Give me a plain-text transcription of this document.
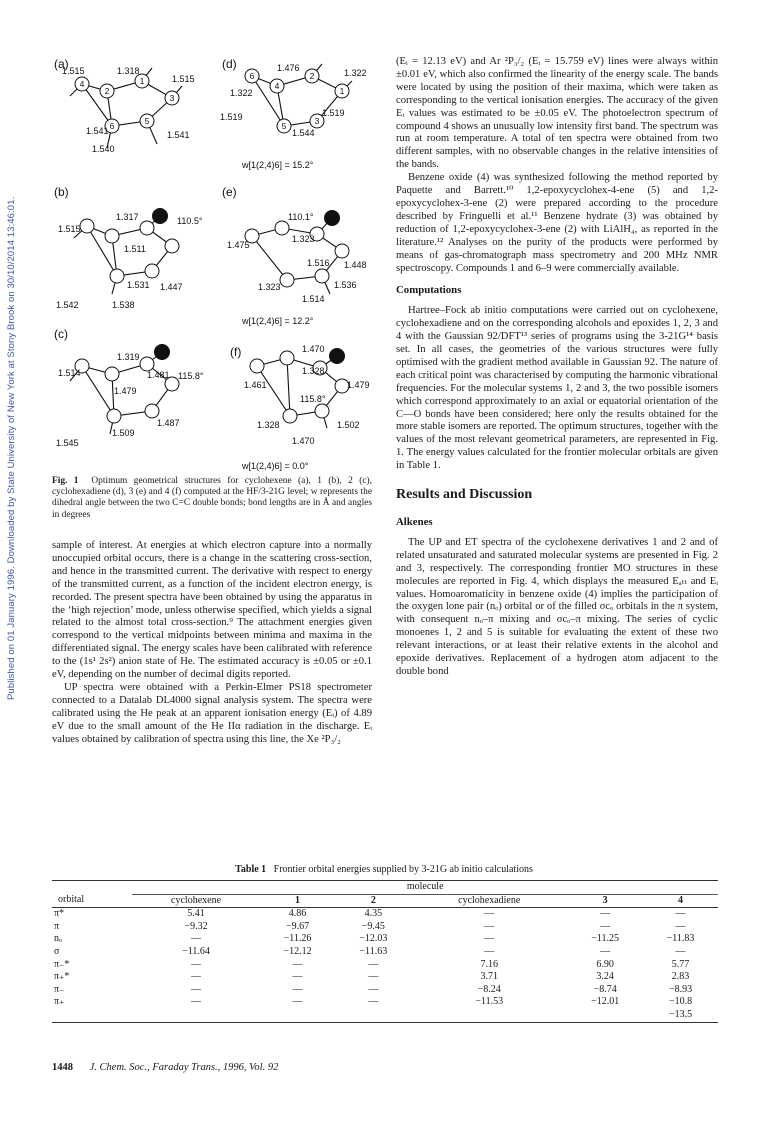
Published on 01 January 1996. Downloaded by State University of New York at Stony Brook on 30/10/2014 13:46:01.
2
1
3
4
5
6
4
2
1
6
3
5
(a)	(d)
(b)	(e)
(c)
(f)
1.318
1.515
1.515
1.541	1.541
1.540
1.476	1.322
1.322
1.519
1.519
1.544
w[1(2,4)6] = 15.2°
1.317	110.5°
1.515
1.511
1.531 1.447
1.542	1.538
110.1°
1.475
1.323
1.448
1.516
1.323	1.536
1.514
w[1(2,4)6] = 12.2°
1.319
1.514	1.481 115.8°
1.479
1.487
1.509
1.545
1.470
1.328
1.461	1.479
115.8°
1.328	1.502
1.470
w[1(2,4)6] = 0.0°
Fig. 1 Optimum geometrical structures for cyclohexene (a), 1 (b), 2 (c), cyclohexadiene (d), 3 (e) and 4 (f) computed at the HF/3-21G level; w represents the dihedral angle between the two C=C double bonds; bond lengths are in Å and angles in degrees

sample of interest. At energies at which electron capture into a normally unoccupied orbital occurs, there is a change in the scattering cross-section, and hence in the transmitted current. The derivative with respect to energy of the transmitted current, as a function of the incident electron energy, is recorded. The present spectra have been obtained by using the apparatus in the ‘high rejection’ mode, unless otherwise specified, which yields a signal related to the almost total cross-section.⁹ The attachment energies given correspond to the vertical midpoints between minima and maxima in the differentiated signal. The energy scales have been calibrated with reference to the (1s¹ 2s²) anion state of He. The estimated accuracy is ±0.05 or ±0.1 eV, depending on the number of decimal digits reported.

UP spectra were obtained with a Perkin-Elmer PS18 spectrometer connected to a Datalab DL4000 signal analysis system. The spectra were calibrated using the He peak at an apparent ionisation energy (Eᵢ) of 4.89 eV due to the small amount of the He IIα radiation in the discharge. Eᵢ values obtained by calibration of spectra using this line, the Xe ²P₃/₂

(Eᵢ = 12.13 eV) and Ar ²P₃/₂ (Eᵢ = 15.759 eV) lines were always within ±0.01 eV, which also confirmed the linearity of the energy scale. The bands were located by using the position of their maxima, which were taken as corresponding to the vertical ionisation energies. The accuracy of the given Eᵢ values was estimated to be ±0.05 eV. The photoelectron spectrum of compound 4 shows an unusually low intensity first band. The spectrum was run at room temperature. A total of ten spectra were obtained from two different samples, with no observable changes in the relative intensities of the bands.

Benzene oxide (4) was synthesized following the method reported by Paquette and Barrett.¹⁰ 1,2-epoxycyclohex-4-ene (5) and 1,2-epoxycyclohex-3-ene (2) were prepared according to the procedure described by Fringuelli et al.¹¹ Benzene hydrate (3) was obtained by reduction of 1,2-epoxycyclohex-3-ene (2) with LiAlH₄, as reported in the literature.¹² Analyses on the purity of the products were performed by means of gas-chromatograph mass spectrometry and 200 MHz NMR spectroscopy. Compounds 1 and 6–9 were commercially available.

Computations

Hartree–Fock ab initio computations were carried out on cyclohexene, cyclohexadiene and on the corresponding alcohols and epoxides 1, 2, 3 and 4 with the Gaussian 92/DFT¹³ series of programs using the 3-21G¹⁴ basis set. In all cases, the geometries of the various structures were fully optimised with the gradient method available in Gaussian 92. The nature of each critical point was characterised by computing the harmonic vibrational frequencies. For the molecular systems 1, 2 and 3, the two possible isomers which correspond approximately to an axial or equatorial orientation of the C—O bonds have been considered; here only the results obtained for the more stable isomers are reported. The optimum structures, together with the values of the most relevant geometrical parameters, are represented in Fig. 1. The energy values calculated for the frontier molecular orbitals are given in Table 1.

Results and Discussion
Alkenes

The UP and ET spectra of the cyclohexene derivatives 1 and 2 and of related unsaturated and saturated molecular systems are presented in Fig. 2 and 3, respectively. The corresponding frontier MO structures in these molecules are reported in Fig. 4, which displays the measured Eₐₜₜ and Eᵢ values. Homoaromaticity in benzene oxide (4) implies the participation of the oxygen lone pair (nₒ) orbital or of the filled σcₒ orbitals in the π system, with consequent nₒ–π mixing and σcₒ–π mixing. The series of cyclic monoenes 1, 2 and 5 is suitable for evaluating the extent of these two relevant interactions, or at least their relative extents in the alcohol and epoxide derivatives. Replacement of a hydrogen atom adjacent to the double bond

Table 1 Frontier orbital energies supplied by 3-21G ab initio calculations
	molecule					
orbital	cyclohexene	1	2	cyclohexadiene	3	4
π*	5.41	4.86	4.35	—	—	—
π	−9.32	−9.67	−9.45	—	—	—
nₒ	—	−11.26	−12.03	—	−11.25	−11.83
σ	−11.64	−12.12	−11.63	—	—	—
π₋*	—	—	—	7.16	6.90	5.77
π₊*	—	—	—	3.71	3.24	2.83
π₋	—	—	—	−8.24	−8.74	−8.93
π₊	—	—	—	−11.53	−12.01	−10.8
						−13.5
1448 J. Chem. Soc., Faraday Trans., 1996, Vol. 92
